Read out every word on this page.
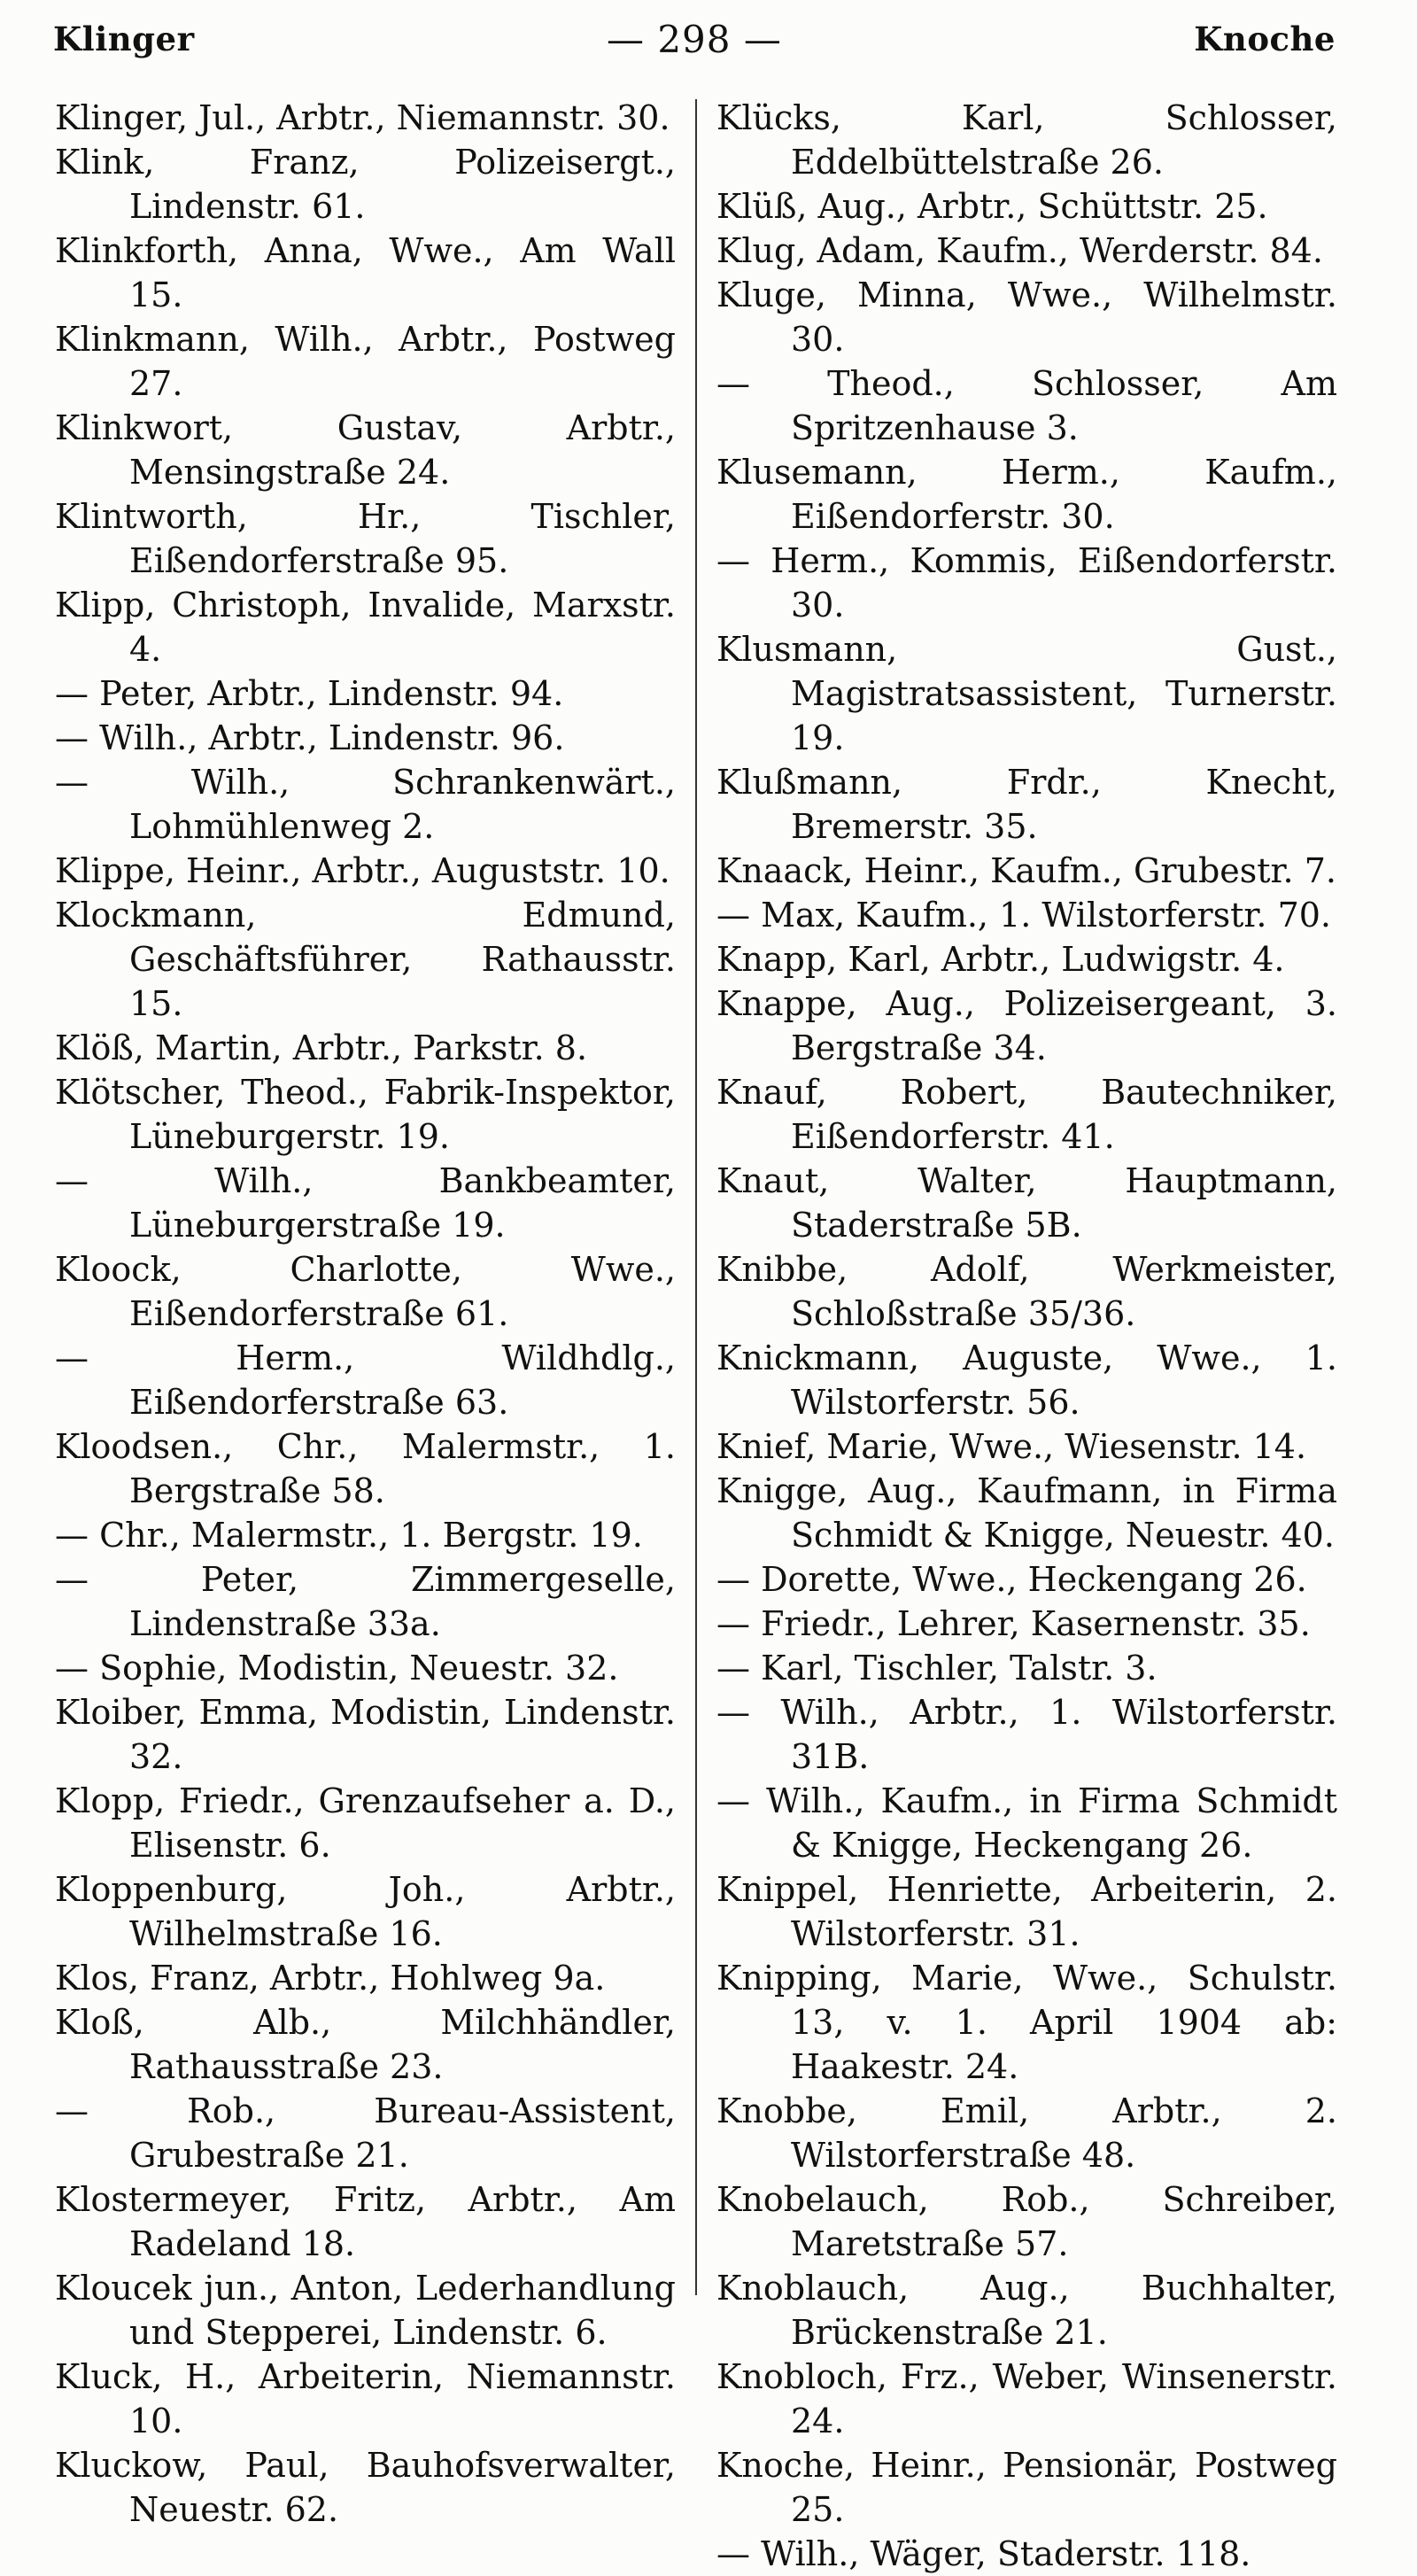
Klinger	— 298 —	Knoche

Klinger, Jul., Arbtr., Niemannstr. 30.

Klink, Franz, Polizeisergt., Lindenstr. 61.

Klinkforth, Anna, Wwe., Am Wall 15.

Klinkmann, Wilh., Arbtr., Postweg 27.

Klinkwort, Gustav, Arbtr., Mensingstraße 24.

Klintworth, Hr., Tischler, Eißendorferstraße 95.

Klipp, Christoph, Invalide, Marxstr. 4.

— Peter, Arbtr., Lindenstr. 94.

— Wilh., Arbtr., Lindenstr. 96.

— Wilh., Schrankenwärt., Lohmühlenweg 2.

Klippe, Heinr., Arbtr., Auguststr. 10.

Klockmann, Edmund, Geschäftsführer, Rathausstr. 15.

Klöß, Martin, Arbtr., Parkstr. 8.

Klötscher, Theod., Fabrik-Inspektor, Lüneburgerstr. 19.

— Wilh., Bankbeamter, Lüneburgerstraße 19.

Kloock, Charlotte, Wwe., Eißendorferstraße 61.

— Herm., Wildhdlg., Eißendorferstraße 63.

Kloodsen., Chr., Malermstr., 1. Bergstraße 58.

— Chr., Malermstr., 1. Bergstr. 19.

— Peter, Zimmergeselle, Lindenstraße 33a.

— Sophie, Modistin, Neuestr. 32.

Kloiber, Emma, Modistin, Lindenstr. 32.

Klopp, Friedr., Grenzaufseher a. D., Elisenstr. 6.

Kloppenburg, Joh., Arbtr., Wilhelmstraße 16.

Klos, Franz, Arbtr., Hohlweg 9a.

Kloß, Alb., Milchhändler, Rathausstraße 23.

— Rob., Bureau-Assistent, Grubestraße 21.

Klostermeyer, Fritz, Arbtr., Am Radeland 18.

Kloucek jun., Anton, Lederhandlung und Stepperei, Lindenstr. 6.

Kluck, H., Arbeiterin, Niemannstr. 10.

Kluckow, Paul, Bauhofsverwalter, Neuestr. 62.

Klücks, Karl, Schlosser, Eddelbüttelstraße 26.

Klüß, Aug., Arbtr., Schüttstr. 25.

Klug, Adam, Kaufm., Werderstr. 84.

Kluge, Minna, Wwe., Wilhelmstr. 30.

— Theod., Schlosser, Am Spritzenhause 3.

Klusemann, Herm., Kaufm., Eißendorferstr. 30.

— Herm., Kommis, Eißendorferstr. 30.

Klusmann, Gust., Magistratsassistent, Turnerstr. 19.

Klußmann, Frdr., Knecht, Bremerstr. 35.

Knaack, Heinr., Kaufm., Grubestr. 7.

— Max, Kaufm., 1. Wilstorferstr. 70.

Knapp, Karl, Arbtr., Ludwigstr. 4.

Knappe, Aug., Polizeisergeant, 3. Bergstraße 34.

Knauf, Robert, Bautechniker, Eißendorferstr. 41.

Knaut, Walter, Hauptmann, Staderstraße 5B.

Knibbe, Adolf, Werkmeister, Schloßstraße 35/36.

Knickmann, Auguste, Wwe., 1. Wilstorferstr. 56.

Knief, Marie, Wwe., Wiesenstr. 14.

Knigge, Aug., Kaufmann, in Firma Schmidt & Knigge, Neuestr. 40.

— Dorette, Wwe., Heckengang 26.

— Friedr., Lehrer, Kasernenstr. 35.

— Karl, Tischler, Talstr. 3.

— Wilh., Arbtr., 1. Wilstorferstr. 31B.

— Wilh., Kaufm., in Firma Schmidt & Knigge, Heckengang 26.

Knippel, Henriette, Arbeiterin, 2. Wilstorferstr. 31.

Knipping, Marie, Wwe., Schulstr. 13, v. 1. April 1904 ab: Haakestr. 24.

Knobbe, Emil, Arbtr., 2. Wilstorferstraße 48.

Knobelauch, Rob., Schreiber, Maretstraße 57.

Knoblauch, Aug., Buchhalter, Brückenstraße 21.

Knobloch, Frz., Weber, Winsenerstr. 24.

Knoche, Heinr., Pensionär, Postweg 25.

— Wilh., Wäger, Staderstr. 118.
